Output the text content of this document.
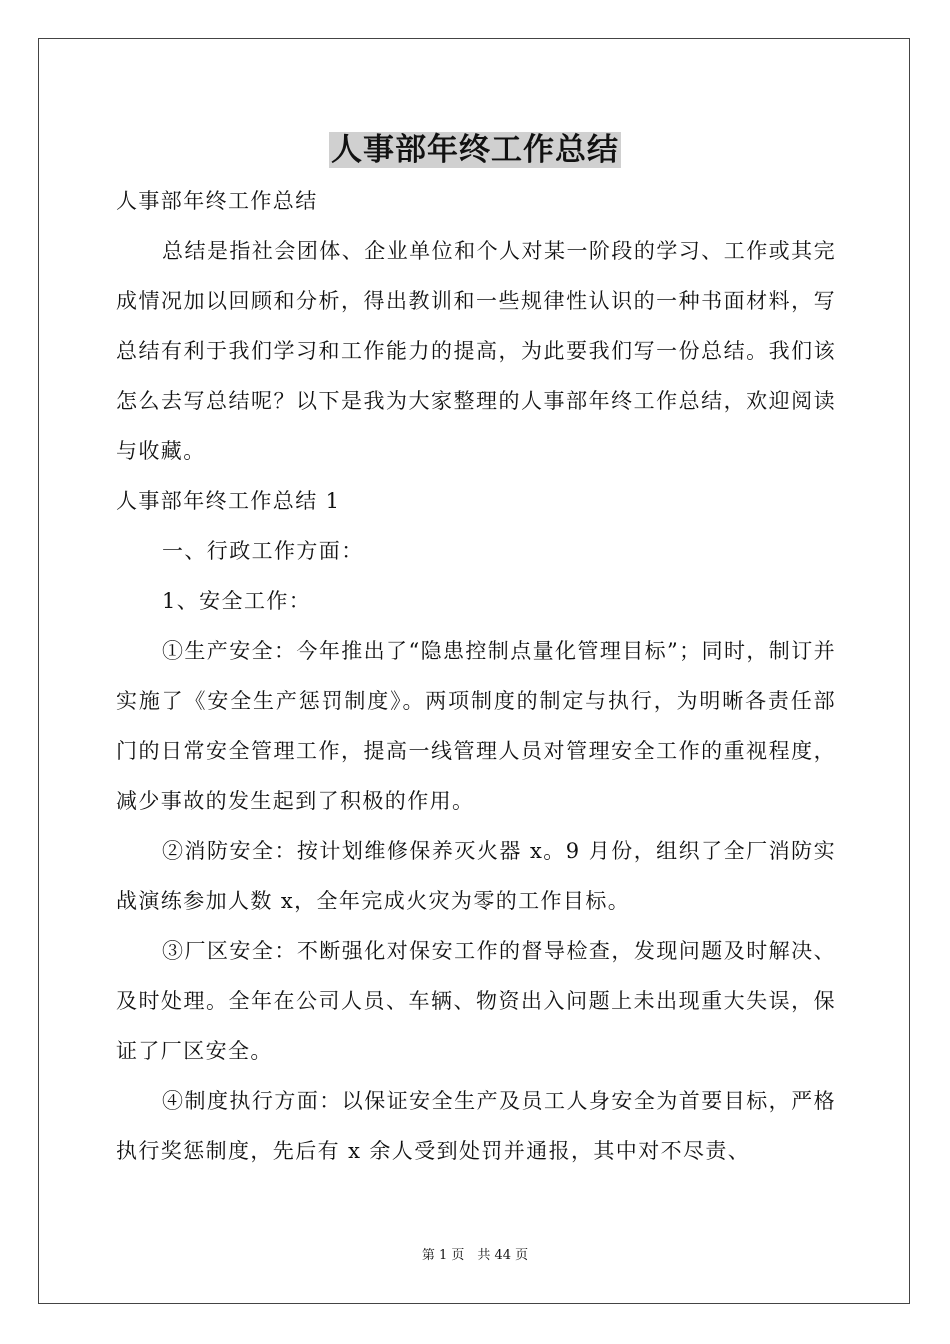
人事部年终工作总结

人事部年终工作总结

总结是指社会团体、企业单位和个人对某一阶段的学习、工作或其完成情况加以回顾和分析，得出教训和一些规律性认识的一种书面材料，写总结有利于我们学习和工作能力的提高，为此要我们写一份总结。我们该怎么去写总结呢？以下是我为大家整理的人事部年终工作总结，欢迎阅读与收藏。

人事部年终工作总结 1

一、行政工作方面：

1、安全工作：

①生产安全：今年推出了“隐患控制点量化管理目标”；同时，制订并实施了《安全生产惩罚制度》。两项制度的制定与执行，为明晰各责任部门的日常安全管理工作，提高一线管理人员对管理安全工作的重视程度，减少事故的发生起到了积极的作用。

②消防安全：按计划维修保养灭火器 x。9 月份，组织了全厂消防实战演练参加人数 x，全年完成火灾为零的工作目标。

③厂区安全：不断强化对保安工作的督导检查，发现问题及时解决、及时处理。全年在公司人员、车辆、物资出入问题上未出现重大失误，保证了厂区安全。

④制度执行方面：以保证安全生产及员工人身安全为首要目标，严格执行奖惩制度，先后有 x 余人受到处罚并通报，其中对不尽责、

第 1 页　共 44 页
